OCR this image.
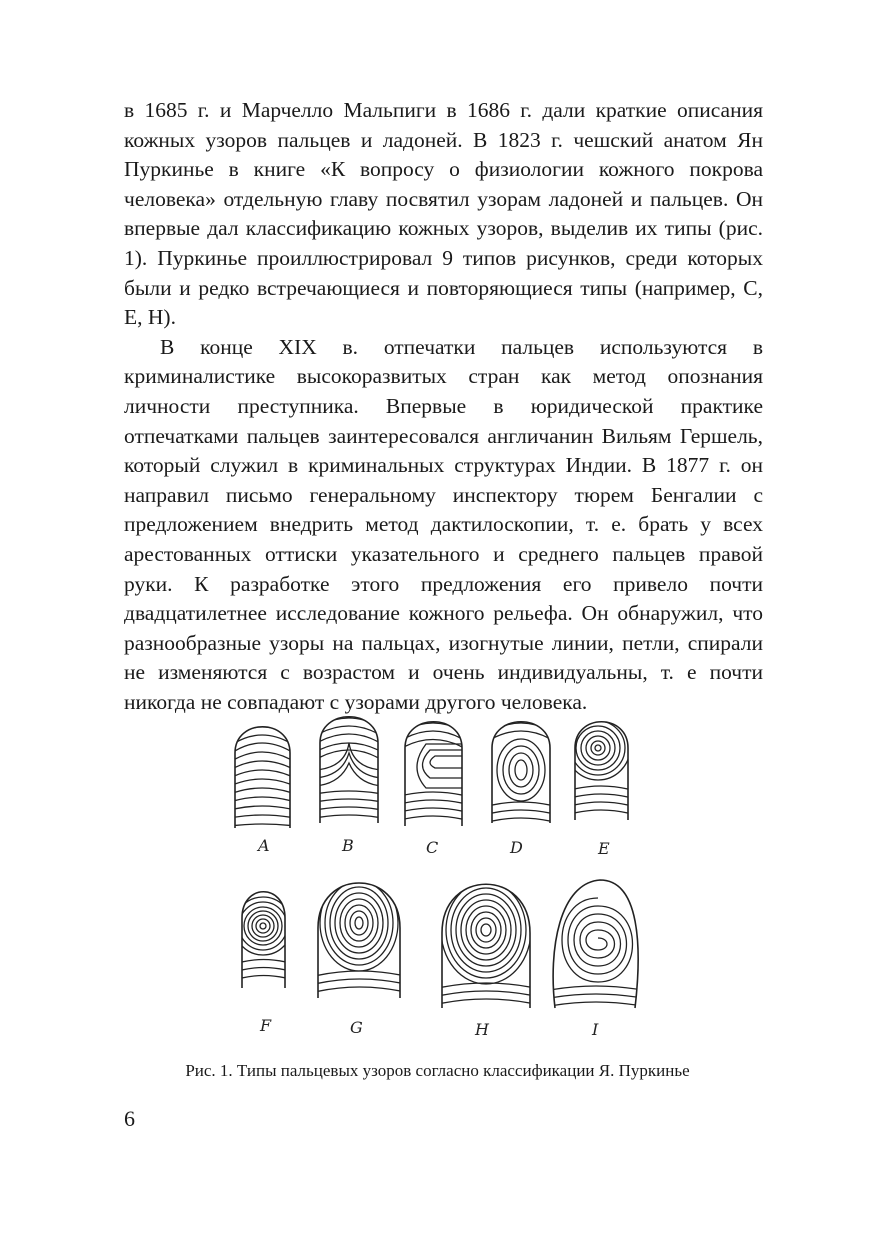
в 1685 г. и Марчелло Мальпиги в 1686 г. дали краткие описания кожных узоров пальцев и ладоней. В 1823 г. чешский анатом Ян Пуркинье в книге «К вопросу о физиологии кожного покрова человека» отдельную главу посвятил узорам ладоней и пальцев. Он впервые дал классификацию кожных узоров, выделив их типы (рис. 1). Пуркинье проиллюстрировал 9 типов рисунков, среди которых были и редко встречающиеся и повторяющиеся типы (например, C, E, H).

В конце XIX в. отпечатки пальцев используются в криминалистике высокоразвитых стран как метод опознания личности преступника. Впервые в юридической практике отпечатками пальцев заинтересовался англичанин Вильям Гершель, который служил в криминальных структурах Индии. В 1877 г. он направил письмо генеральному инспектору тюрем Бенгалии с предложением внедрить метод дактилоскопии, т. е. брать у всех арестованных оттиски указательного и среднего пальцев правой руки. К разработке этого предложения его привело почти двадцатилетнее исследование кожного рельефа. Он обнаружил, что разнообразные узоры на пальцах, изогнутые линии, петли, спирали не изменяются с возрастом и очень индивидуальны, т. е почти никогда не совпадают с узорами другого человека.

A	B	C	D	E
F	G	H	I
Рис. 1. Типы пальцевых узоров согласно классификации Я. Пуркинье
6
